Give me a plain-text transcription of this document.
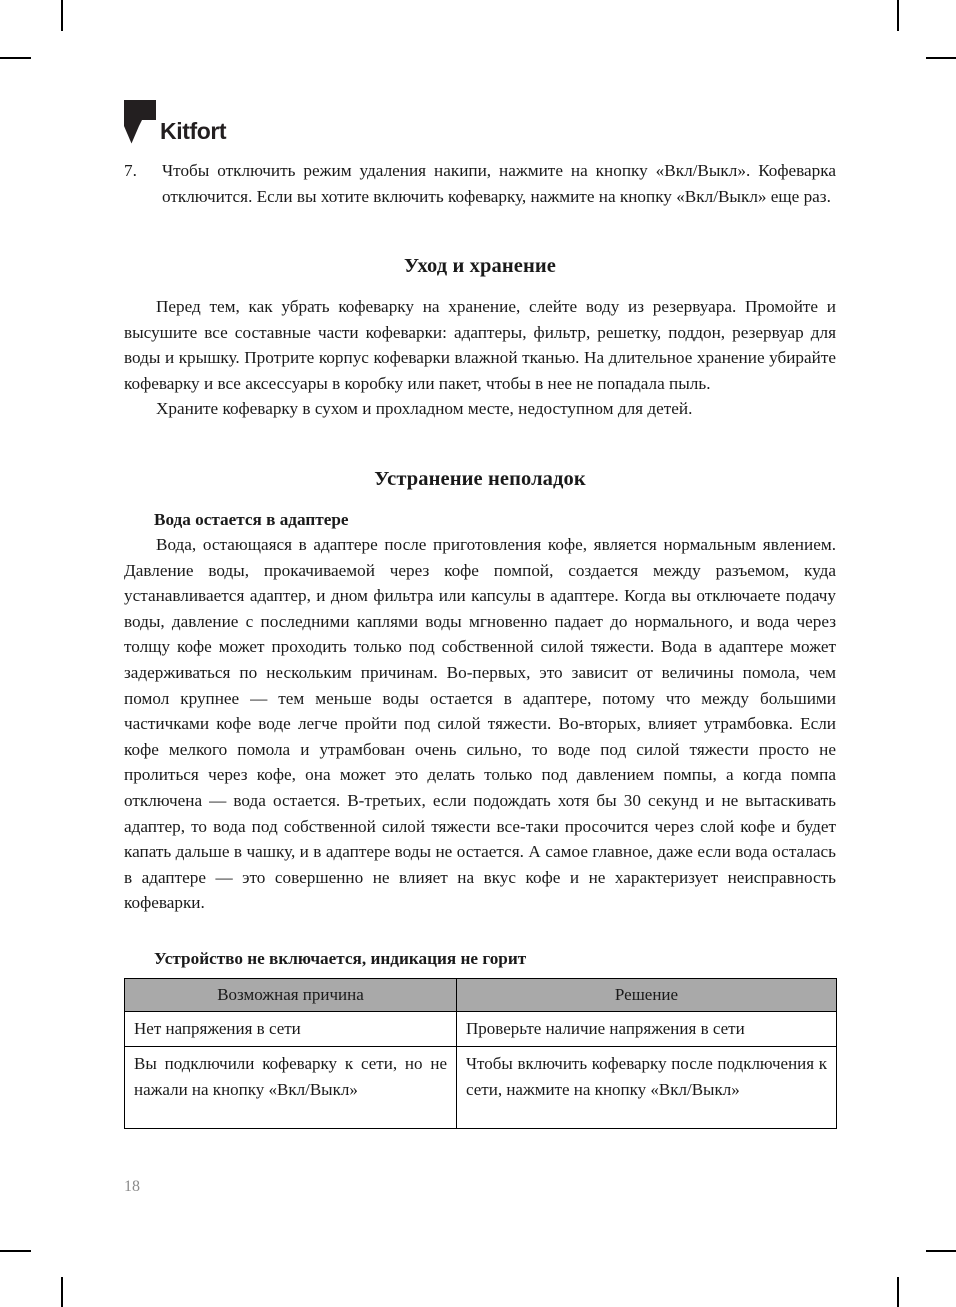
Kitfort
7.	Чтобы отключить режим удаления накипи, нажмите на кнопку «Вкл/Выкл». Кофеварка отключится. Если вы хотите включить кофеварку, нажмите на кнопку «Вкл/Выкл» еще раз.
Уход и хранение

Перед тем, как убрать кофеварку на хранение, слейте воду из резервуара. Промойте и высушите все составные части кофеварки: адаптеры, фильтр, решетку, поддон, резервуар для воды и крышку. Протрите корпус кофеварки влажной тканью. На длительное хранение убирайте кофеварку и все аксессуары в коробку или пакет, чтобы в нее не попадала пыль.

Храните кофеварку в сухом и прохладном месте, недоступном для детей.

Устранение неполадок
Вода остается в адаптере

Вода, остающаяся в адаптере после приготовления кофе, является нормальным явлением. Давление воды, прокачиваемой через кофе помпой, создается между разъемом, куда устанавливается адаптер, и дном фильтра или капсулы в адаптере. Когда вы отключаете подачу воды, давление с последними каплями воды мгновенно падает до нормального, и вода через толщу кофе может проходить только под собственной силой тяжести. Вода в адаптере может задерживаться по нескольким причинам. Во-первых, это зависит от величины помола, чем помол крупнее — тем меньше воды остается в адаптере, потому что между большими частичками кофе воде легче пройти под силой тяжести. Во-вторых, влияет утрамбовка. Если кофе мелкого помола и утрамбован очень сильно, то воде под силой тяжести просто не пролиться через кофе, она может это делать только под давлением помпы, а когда помпа отключена — вода остается. В-третьих, если подождать хотя бы 30 секунд и не вытаскивать адаптер, то вода под собственной силой тяжести все-таки просочится через слой кофе и будет капать дальше в чашку, и в адаптере воды не остается. А самое главное, даже если вода осталась в адаптере — это совершенно не влияет на вкус кофе и не характеризует неисправность кофеварки.

Устройство не включается, индикация не горит
Возможная причина	Решение
Нет напряжения в сети	Проверьте наличие напряжения в сети
Вы подключили кофеварку к сети, но не нажали на кнопку «Вкл/Выкл»	Чтобы включить кофеварку после подключения к сети, нажмите на кнопку «Вкл/Выкл»
18
